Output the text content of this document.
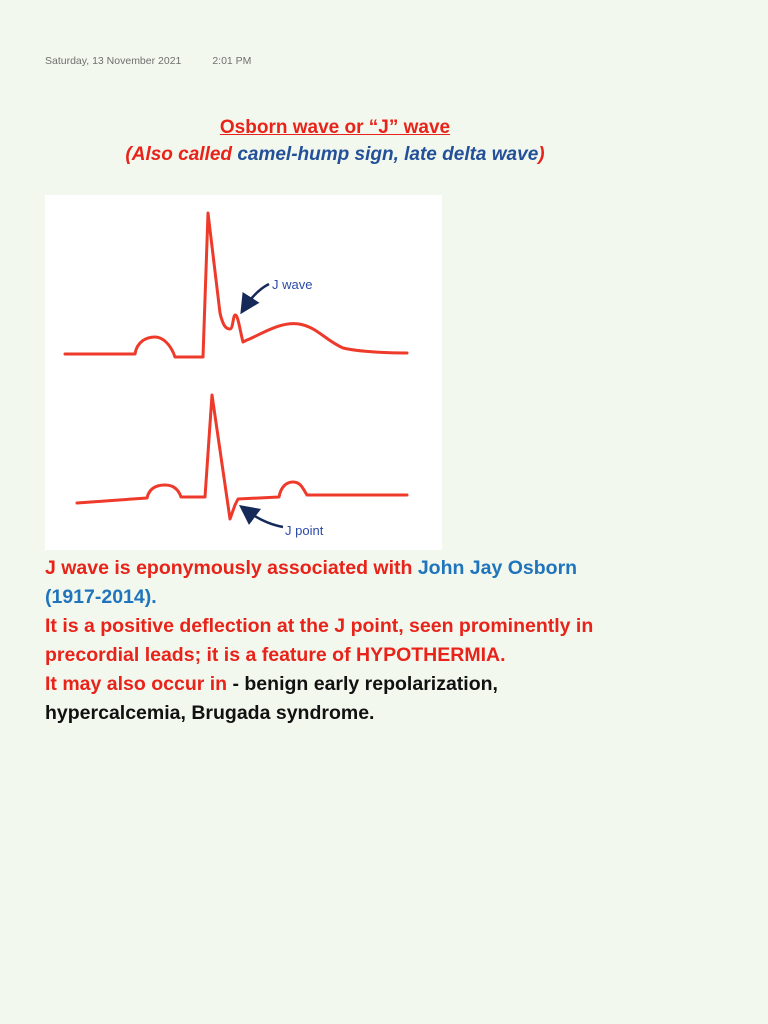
Saturday, 13 November 2021	2:01 PM
Osborn wave or “J” wave
(Also called camel-hump sign, late delta wave)
J wave
J point

J wave is eponymously associated with John Jay Osborn
(1917-2014).

It is a positive deflection at the J point, seen prominently in precordial leads; it is a feature of HYPOTHERMIA.

It may also occur in - benign early repolarization, hypercalcemia, Brugada syndrome.
